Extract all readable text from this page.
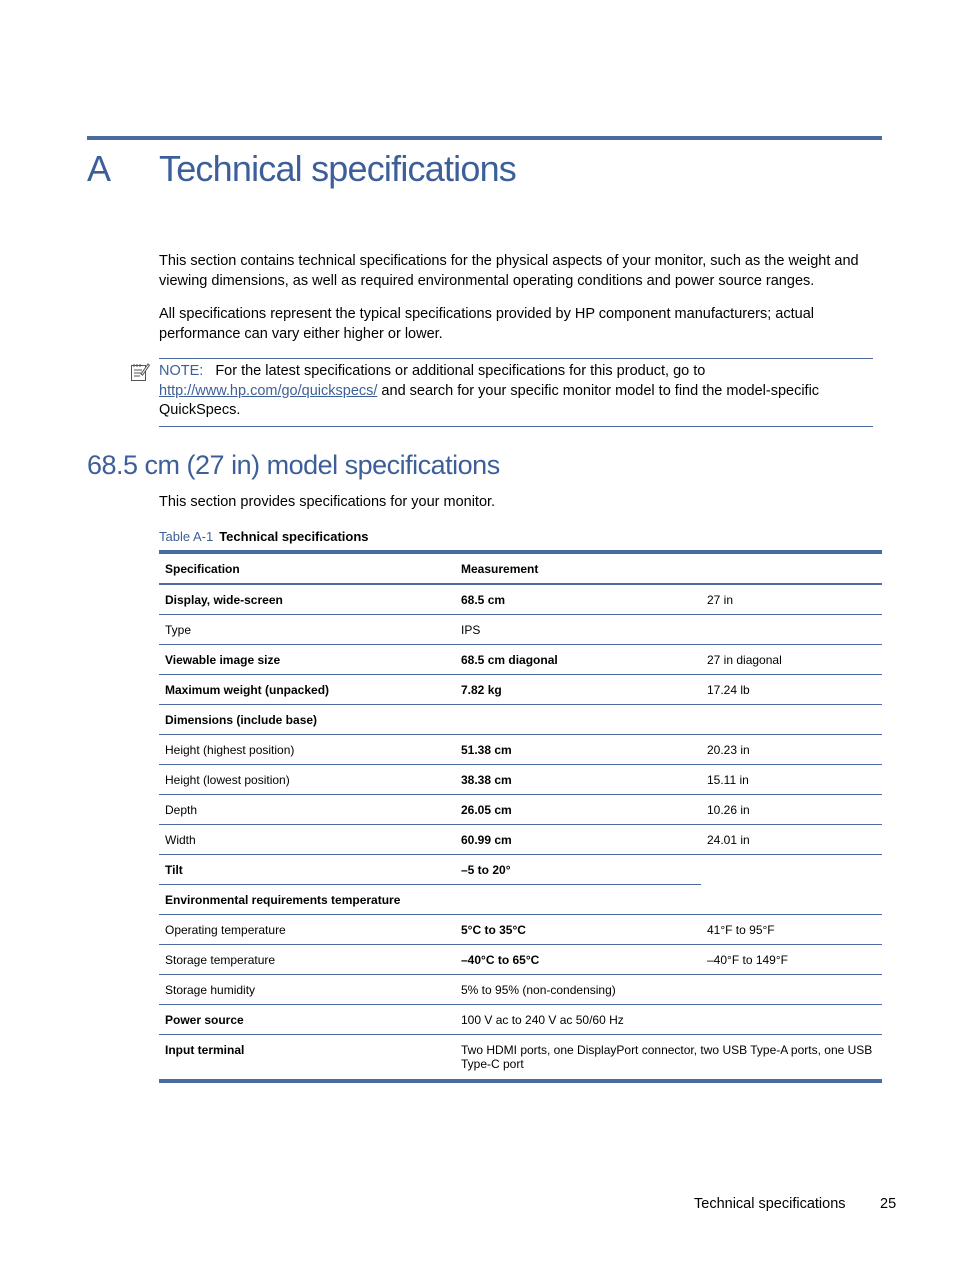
A Technical specifications

This section contains technical specifications for the physical aspects of your monitor, such as the weight and viewing dimensions, as well as required environmental operating conditions and power source ranges.

All specifications represent the typical specifications provided by HP component manufacturers; actual performance can vary either higher or lower.

NOTE: For the latest specifications or additional specifications for this product, go to
http://www.hp.com/go/quickspecs/ and search for your specific monitor model to find the model-specific QuickSpecs.
68.5 cm (27 in) model specifications
This section provides specifications for your monitor.
Table A-1 Technical specifications
Specification	Measurement	
Display, wide-screen	68.5 cm	27 in
Type	IPS	
Viewable image size	68.5 cm diagonal	27 in diagonal
Maximum weight (unpacked)	7.82 kg	17.24 lb
Dimensions (include base)		
Height (highest position)	51.38 cm	20.23 in
Height (lowest position)	38.38 cm	15.11 in
Depth	26.05 cm	10.26 in
Width	60.99 cm	24.01 in
Tilt	–5 to 20°	
Environmental requirements temperature		
Operating temperature	5°C to 35°C	41°F to 95°F
Storage temperature	–40°C to 65°C	–40°F to 149°F
Storage humidity	5% to 95% (non-condensing)	
Power source	100 V ac to 240 V ac 50/60 Hz	
Input terminal	Two HDMI ports, one DisplayPort connector, two USB Type-A ports, one USB Type-C port	
Technical specifications 25
